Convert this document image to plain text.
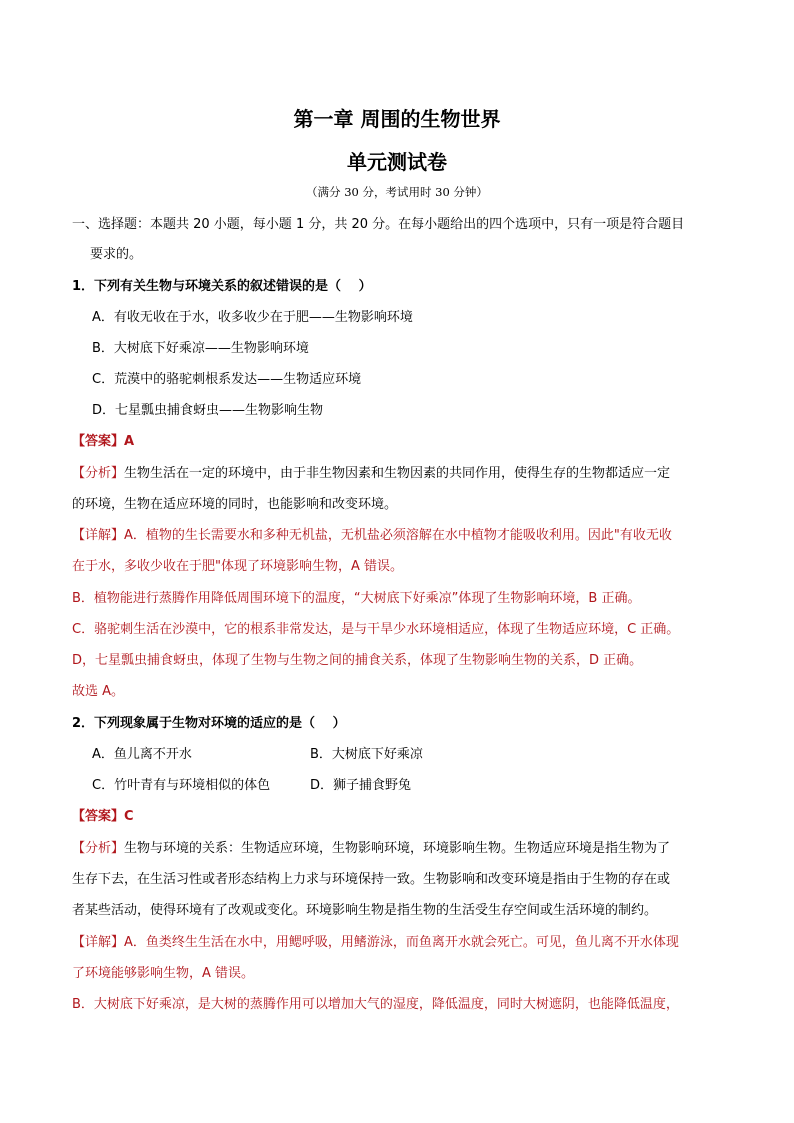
第一章 周围的生物世界
单元测试卷
（满分 30 分，考试用时 30 分钟）
一、选择题：本题共 20 小题，每小题 1 分，共 20 分。在每小题给出的四个选项中，只有一项是符合题目
要求的。
1．下列有关生物与环境关系的叙述错误的是（　 ）
A．有收无收在于水，收多收少在于肥——生物影响环境
B．大树底下好乘凉——生物影响环境
C．荒漠中的骆驼刺根系发达——生物适应环境
D．七星瓢虫捕食蚜虫——生物影响生物
【答案】A
【分析】生物生活在一定的环境中，由于非生物因素和生物因素的共同作用，使得生存的生物都适应一定
的环境，生物在适应环境的同时，也能影响和改变环境。
【详解】A．植物的生长需要水和多种无机盐，无机盐必须溶解在水中植物才能吸收利用。因此"有收无收
在于水，多收少收在于肥"体现了环境影响生物，A 错误。
B．植物能进行蒸腾作用降低周围环境下的温度，“大树底下好乘凉”体现了生物影响环境，B 正确。
C．骆驼刺生活在沙漠中，它的根系非常发达，是与干旱少水环境相适应，体现了生物适应环境，C 正确。
D，七星瓢虫捕食蚜虫，体现了生物与生物之间的捕食关系，体现了生物影响生物的关系，D 正确。
故选 A。
2．下列现象属于生物对环境的适应的是（　 ）
A．鱼儿离不开水	B．大树底下好乘凉
C．竹叶青有与环境相似的体色	D．狮子捕食野兔
【答案】C
【分析】生物与环境的关系：生物适应环境，生物影响环境，环境影响生物。生物适应环境是指生物为了
生存下去，在生活习性或者形态结构上力求与环境保持一致。生物影响和改变环境是指由于生物的存在或
者某些活动，使得环境有了改观或变化。环境影响生物是指生物的生活受生存空间或生活环境的制约。
【详解】A．鱼类终生生活在水中，用鳃呼吸，用鳍游泳，而鱼离开水就会死亡。可见，鱼儿离不开水体现
了环境能够影响生物，A 错误。
B．大树底下好乘凉，是大树的蒸腾作用可以增加大气的湿度，降低温度，同时大树遮阴，也能降低温度，
